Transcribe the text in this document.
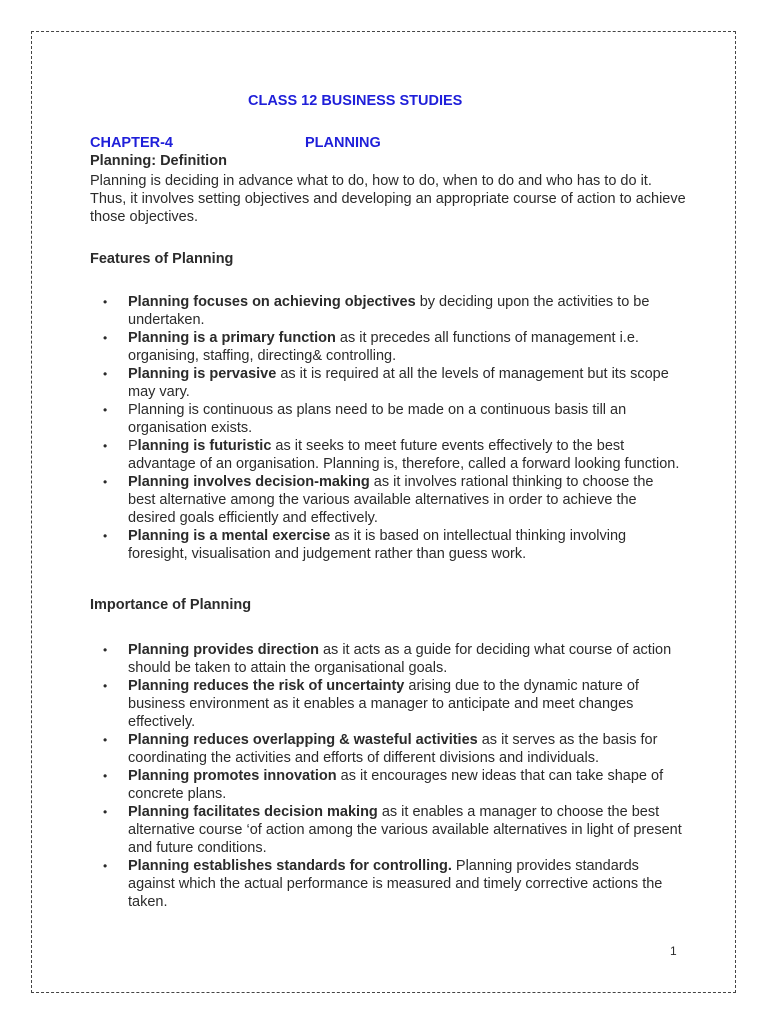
CLASS 12 BUSINESS STUDIES

CHAPTER-4	PLANNING

Planning: Definition

Planning is deciding in advance what to do, how to do, when to do and who has to do it. Thus, it involves setting objectives and developing an appropriate course of action to achieve those objectives.

Features of Planning
• Planning focuses on achieving objectives by deciding upon the activities to be undertaken.
• Planning is a primary function as it precedes all functions of management i.e. organising, staffing, directing& controlling.
• Planning is pervasive as it is required at all the levels of management but its scope may vary.
• Planning is continuous as plans need to be made on a continuous basis till an organisation exists.
• Planning is futuristic as it seeks to meet future events effectively to the best advantage of an organisation. Planning is, therefore, called a forward looking function.
• Planning involves decision-making as it involves rational thinking to choose the best alternative among the various available alternatives in order to achieve the desired goals efficiently and effectively.
• Planning is a mental exercise as it is based on intellectual thinking involving foresight, visualisation and judgement rather than guess work.
Importance of Planning
• Planning provides direction as it acts as a guide for deciding what course of action should be taken to attain the organisational goals.
• Planning reduces the risk of uncertainty arising due to the dynamic nature of business environment as it enables a manager to anticipate and meet changes effectively.
• Planning reduces overlapping & wasteful activities as it serves as the basis for coordinating the activities and efforts of different divisions and individuals.
• Planning promotes innovation as it encourages new ideas that can take shape of concrete plans.
• Planning facilitates decision making as it enables a manager to choose the best alternative course ‘of action among the various available alternatives in light of present and future conditions.
• Planning establishes standards for controlling. Planning provides standards against which the actual performance is measured and timely corrective actions the taken.
1
